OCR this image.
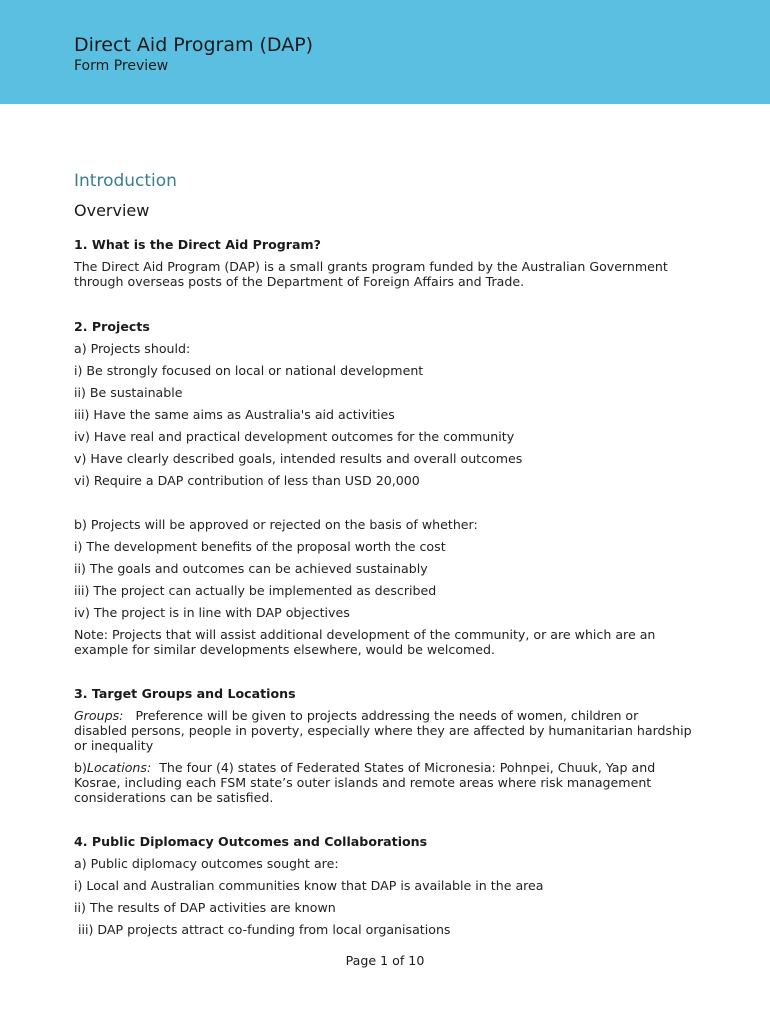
Direct Aid Program (DAP)
Form Preview
Introduction
Overview
1. What is the Direct Aid Program?

The Direct Aid Program (DAP) is a small grants program funded by the Australian Government through overseas posts of the Department of Foreign Affairs and Trade.

2. Projects

a) Projects should:

i) Be strongly focused on local or national development

ii) Be sustainable

iii) Have the same aims as Australia's aid activities

iv) Have real and practical development outcomes for the community

v) Have clearly described goals, intended results and overall outcomes

vi) Require a DAP contribution of less than USD 20,000

b) Projects will be approved or rejected on the basis of whether:

i) The development benefits of the proposal worth the cost

ii) The goals and outcomes can be achieved sustainably

iii) The project can actually be implemented as described

iv) The project is in line with DAP objectives

Note: Projects that will assist additional development of the community, or are which are an example for similar developments elsewhere, would be welcomed.

3. Target Groups and Locations

Groups: Preference will be given to projects addressing the needs of women, children or disabled persons, people in poverty, especially where they are affected by humanitarian hardship or inequality

b)Locations: The four (4) states of Federated States of Micronesia: Pohnpei, Chuuk, Yap and Kosrae, including each FSM state’s outer islands and remote areas where risk management considerations can be satisfied.

4. Public Diplomacy Outcomes and Collaborations

a) Public diplomacy outcomes sought are:

i) Local and Australian communities know that DAP is available in the area

ii) The results of DAP activities are known

iii) DAP projects attract co-funding from local organisations

Page 1 of 10
